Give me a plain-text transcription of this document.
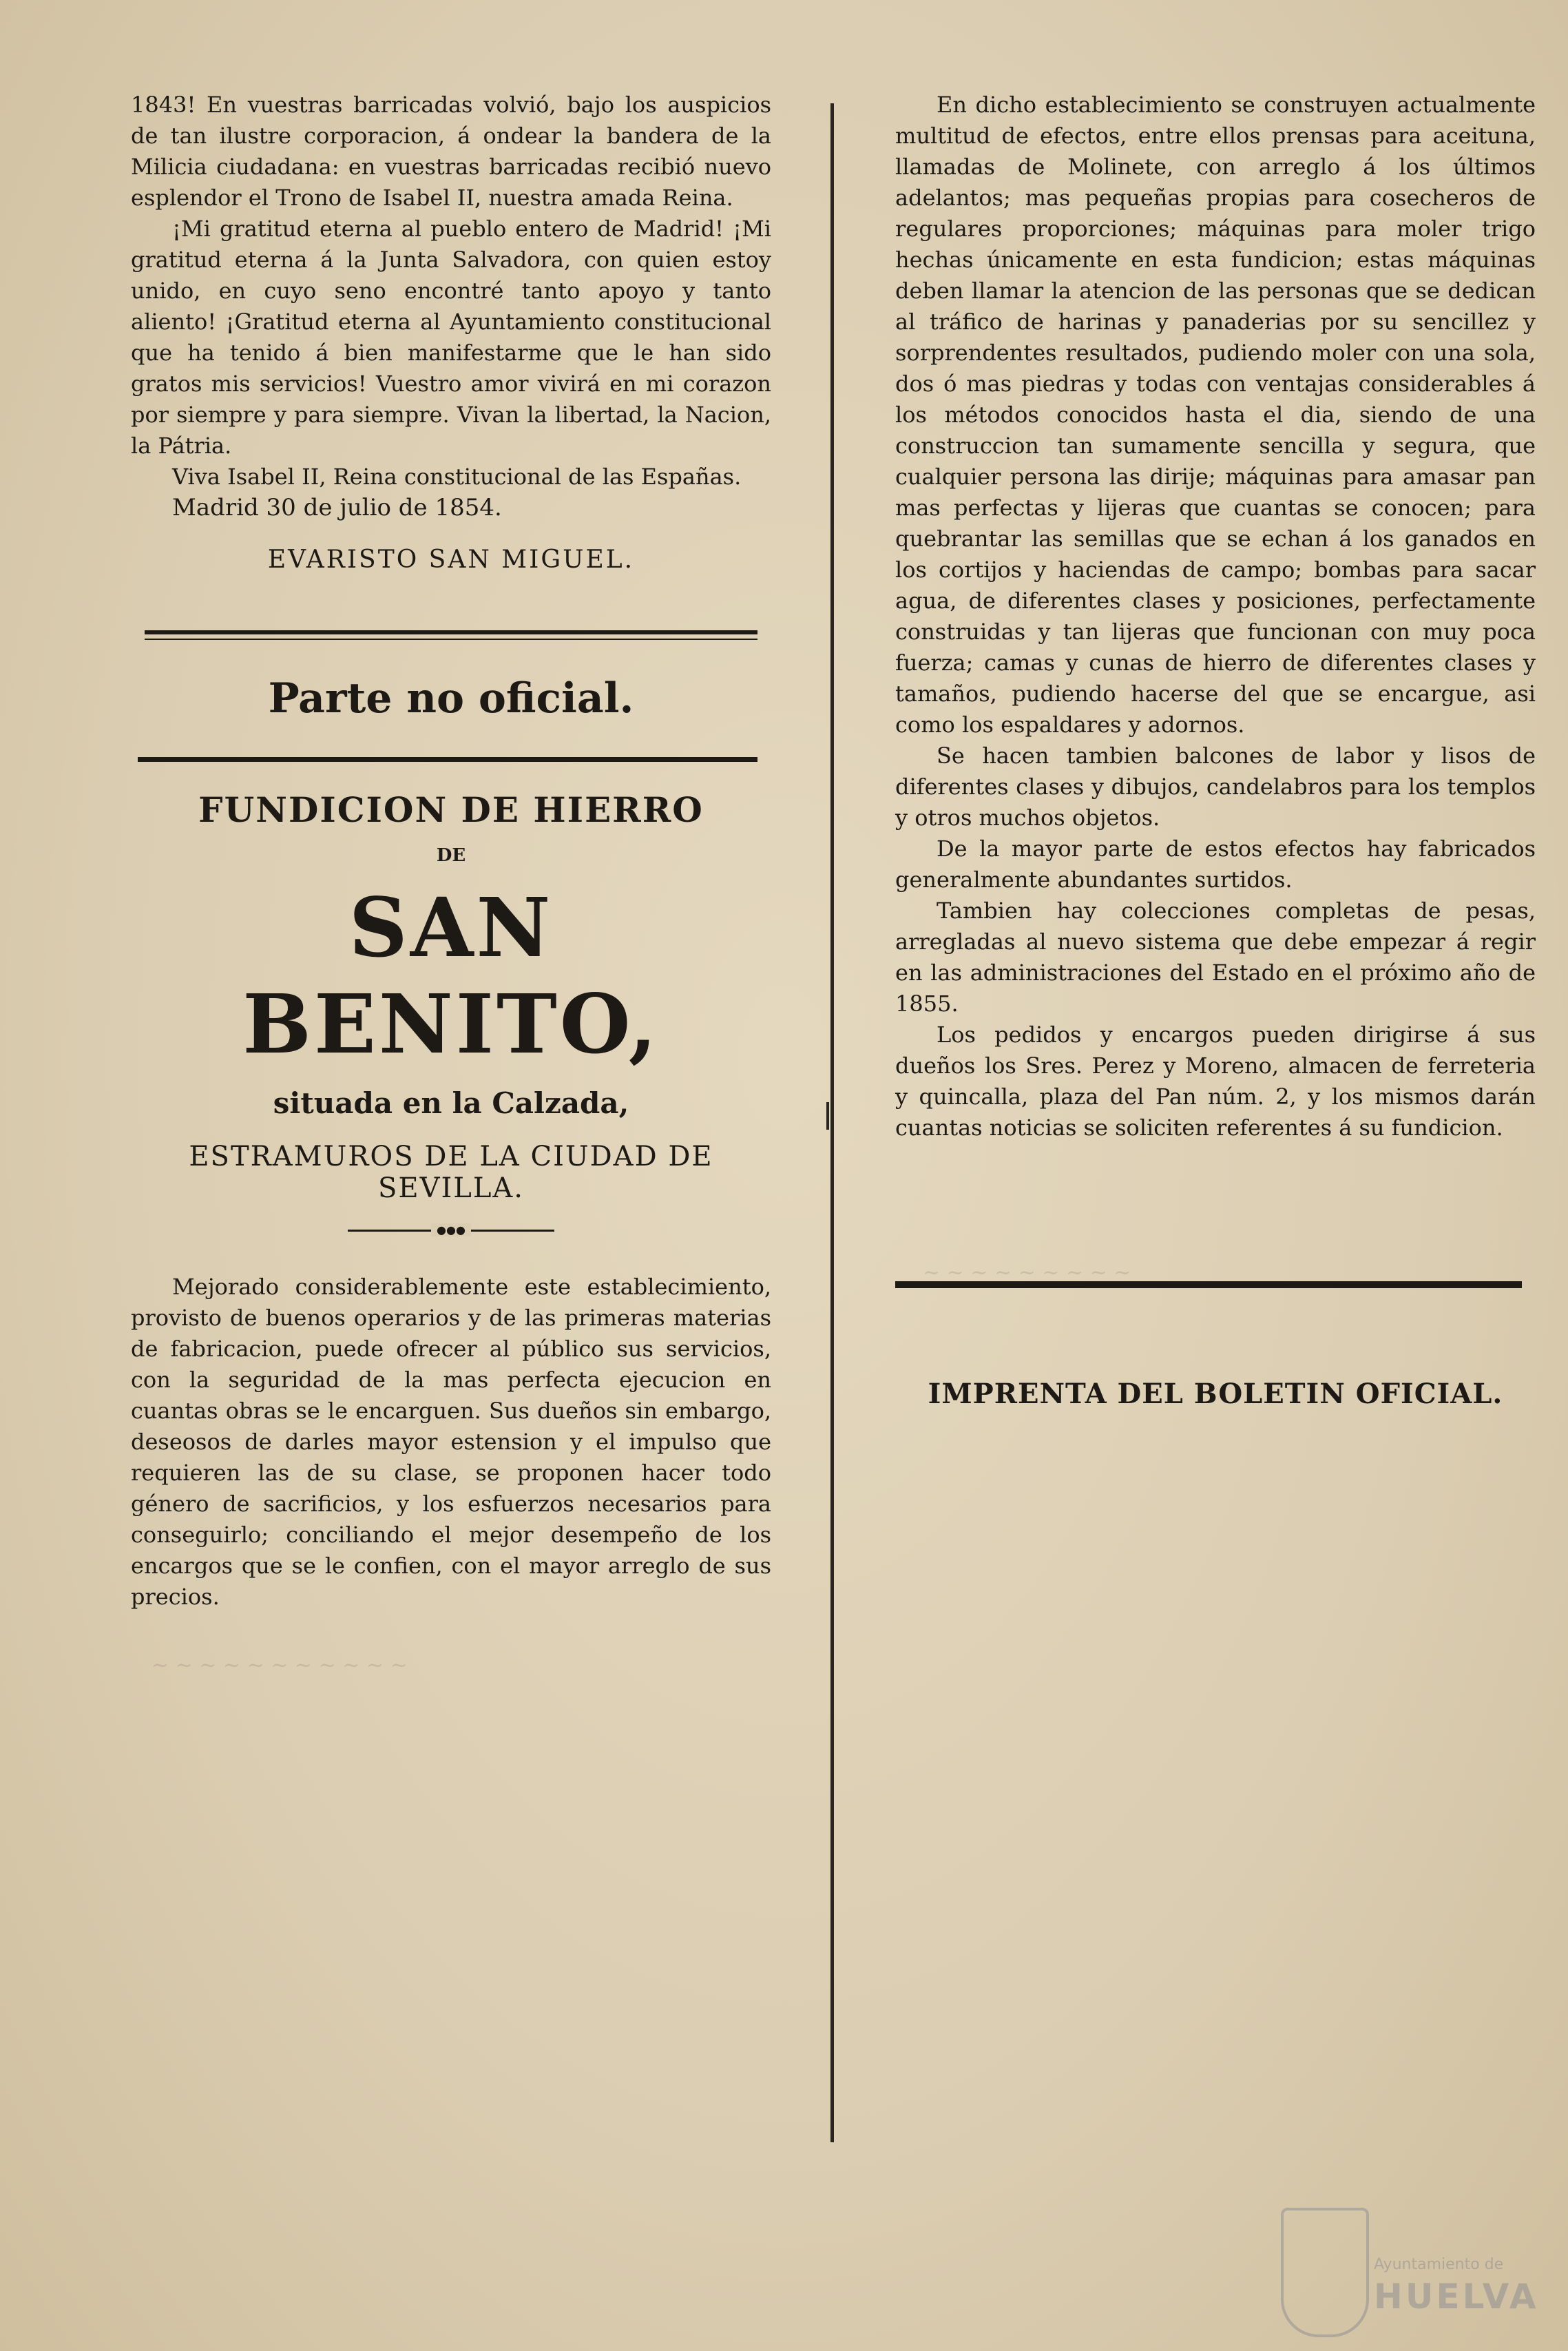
~ ~ ~ ~ ~ ~ ~ ~ ~
~ ~ ~ ~ ~ ~ ~ ~ ~ ~ ~

1843! En vuestras barricadas volvió, bajo los auspicios de tan ilustre corporacion, á ondear la bandera de la Milicia ciudadana: en vuestras barricadas recibió nuevo esplendor el Trono de Isabel II, nuestra amada Reina.

¡Mi gratitud eterna al pueblo entero de Madrid! ¡Mi gratitud eterna á la Junta Salvadora, con quien estoy unido, en cuyo seno encontré tanto apoyo y tanto aliento! ¡Gratitud eterna al Ayuntamiento constitucional que ha tenido á bien manifestarme que le han sido gratos mis servicios! Vuestro amor vivirá en mi corazon por siempre y para siempre. Vivan la libertad, la Nacion, la Pátria.

Viva Isabel II, Reina constitucional de las Españas.

Madrid 30 de julio de 1854.

EVARISTO SAN MIGUEL.

Parte no oficial.
FUNDICION DE HIERRO
DE
SAN BENITO,
situada en la Calzada,
ESTRAMUROS DE LA CIUDAD DE SEVILLA.
●●●

Mejorado considerablemente este establecimiento, provisto de buenos operarios y de las primeras materias de fabricacion, puede ofrecer al público sus servicios, con la seguridad de la mas perfecta ejecucion en cuantas obras se le encarguen. Sus dueños sin embargo, deseosos de darles mayor estension y el impulso que requieren las de su clase, se proponen hacer todo género de sacrificios, y los esfuerzos necesarios para conseguirlo; conciliando el mejor desempeño de los encargos que se le confien, con el mayor arreglo de sus precios.

En dicho establecimiento se construyen actualmente multitud de efectos, entre ellos prensas para aceituna, llamadas de Molinete, con arreglo á los últimos adelantos; mas pequeñas propias para cosecheros de regulares proporciones; máquinas para moler trigo hechas únicamente en esta fundicion; estas máquinas deben llamar la atencion de las personas que se dedican al tráfico de harinas y panaderias por su sencillez y sorprendentes resultados, pudiendo moler con una sola, dos ó mas piedras y todas con ventajas considerables á los métodos conocidos hasta el dia, siendo de una construccion tan sumamente sencilla y segura, que cualquier persona las dirije; máquinas para amasar pan mas perfectas y lijeras que cuantas se conocen; para quebrantar las semillas que se echan á los ganados en los cortijos y haciendas de campo; bombas para sacar agua, de diferentes clases y posiciones, perfectamente construidas y tan lijeras que funcionan con muy poca fuerza; camas y cunas de hierro de diferentes clases y tamaños, pudiendo hacerse del que se encargue, asi como los espaldares y adornos.

Se hacen tambien balcones de labor y lisos de diferentes clases y dibujos, candelabros para los templos y otros muchos objetos.

De la mayor parte de estos efectos hay fabricados generalmente abundantes surtidos.

Tambien hay colecciones completas de pesas, arregladas al nuevo sistema que debe empezar á regir en las administraciones del Estado en el próximo año de 1855.

Los pedidos y encargos pueden dirigirse á sus dueños los Sres. Perez y Moreno, almacen de ferreteria y quincalla, plaza del Pan núm. 2, y los mismos darán cuantas noticias se soliciten referentes á su fundicion.

IMPRENTA DEL BOLETIN OFICIAL.
Ayuntamiento de
HUELVA
